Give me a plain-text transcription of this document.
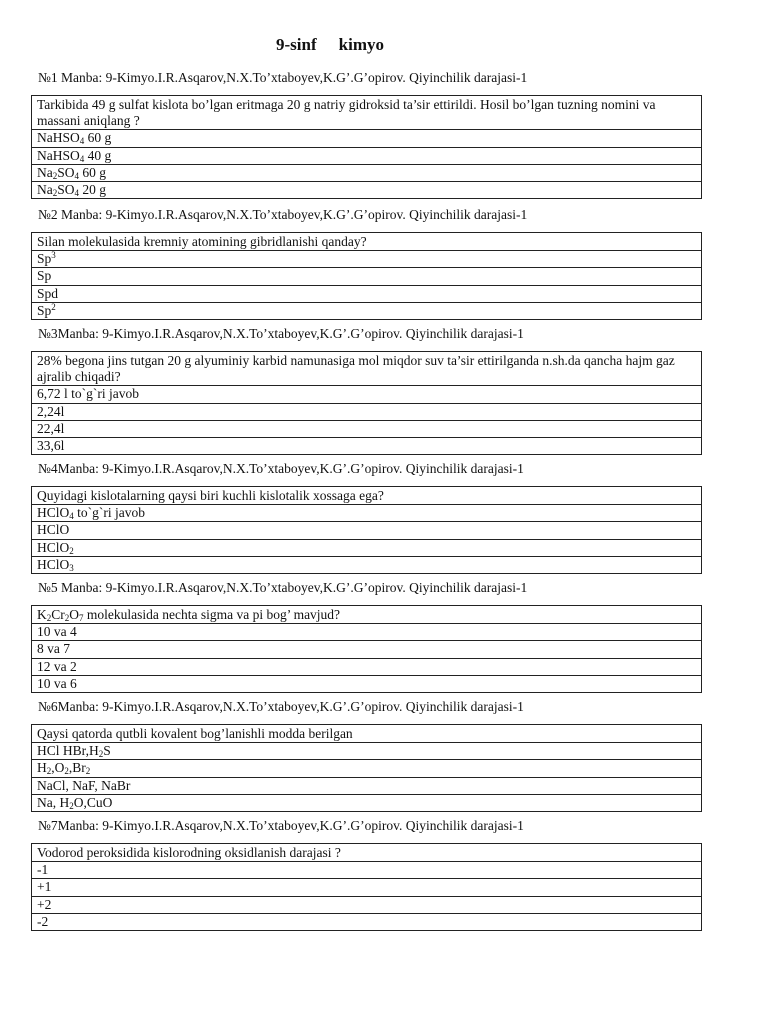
9-sinf kimyo
№1 Manba: 9-Kimyo.I.R.Asqarov,N.X.To’xtaboyev,K.G’.G’opirov. Qiyinchilik darajasi-1
Tarkibida 49 g sulfat kislota bo’lgan eritmaga 20 g natriy gidroksid ta’sir ettirildi. Hosil bo’lgan tuzning nomini va massani aniqlang ?
NaHSO$_4$ 60 g
NaHSO$_4$ 40 g
$Na_2SO_4$ 60 g
$Na_2SO_4$ 20 g
№2 Manba: 9-Kimyo.I.R.Asqarov,N.X.To’xtaboyev,K.G’.G’opirov. Qiyinchilik darajasi-1
Silan molekulasida kremniy atomining gibridlanishi qanday?
Sp$^3$
Sp
Spd
Sp$^2$
№3Manba: 9-Kimyo.I.R.Asqarov,N.X.To’xtaboyev,K.G’.G’opirov. Qiyinchilik darajasi-1
28% begona jins tutgan 20 g alyuminiy karbid namunasiga mol miqdor suv ta’sir ettirilganda n.sh.da qancha hajm gaz ajralib chiqadi?
6,72 l to`g`ri javob
2,24l
22,4l
33,6l
№4Manba: 9-Kimyo.I.R.Asqarov,N.X.To’xtaboyev,K.G’.G’opirov. Qiyinchilik darajasi-1
Quyidagi kislotalarning qaysi biri kuchli kislotalik xossaga ega?
HClO$_4$ to`g`ri javob
HClO
HClO$_2$
HClO$_3$
№5 Manba: 9-Kimyo.I.R.Asqarov,N.X.To’xtaboyev,K.G’.G’opirov. Qiyinchilik darajasi-1
$K_2Cr_2O_7$ molekulasida nechta sigma va pi bog’ mavjud?
10 va 4
8 va 7
12 va 2
10 va 6
№6Manba: 9-Kimyo.I.R.Asqarov,N.X.To’xtaboyev,K.G’.G’opirov. Qiyinchilik darajasi-1
Qaysi qatorda qutbli kovalent bog’lanishli modda berilgan
HCl $HBr,H_2S$
$H_2,O_2,Br_2$
NaCl, NaF, NaBr
Na, $H_2O,CuO$
№7Manba: 9-Kimyo.I.R.Asqarov,N.X.To’xtaboyev,K.G’.G’opirov. Qiyinchilik darajasi-1
Vodorod peroksidida kislorodning oksidlanish darajasi ?
-1
+1
+2
-2
